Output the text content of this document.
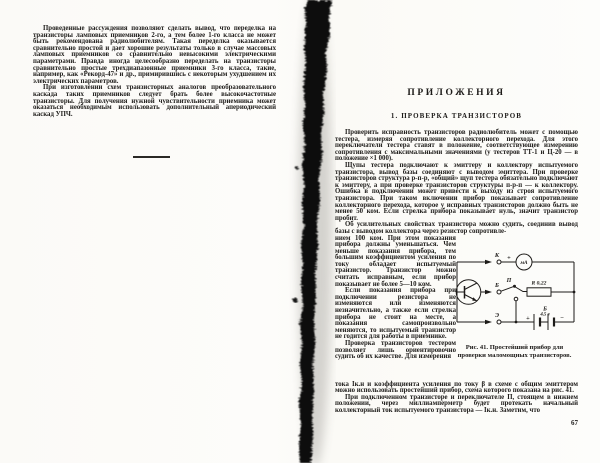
Проведенные рассуждения позволяют сделать вывод, что переделка на транзисторы ламповых приемников 2-го, а тем более 1-го класса не может быть рекомендована радиолюбителям. Такая переделка оказывается сравнительно простой и дает хорошие результаты только в случае массовых ламповых приемников со сравнительно невысокими электрическими параметрами. Правда иногда целесообразно переделать на транзисторы сравнительно простые трехдиапазонные приемники 3-го класса, такие, например, как «Рекорд-47» и др., примирившись с некоторым ухудшением их электрических параметров.

При изготовлении схем транзисторных аналогов преобразовательного каскада таких приемников следует брать более высокочастотные транзисторы. Для получения нужной чувствительности приемника может оказаться необходимым использовать дополнительный апериодический каскад УПЧ.

ПРИЛОЖЕНИЯ
1. ПРОВЕРКА ТРАНЗИСТОРОВ

Проверить исправность транзисторов радиолюбитель может с помощью тестера, измеряя сопротивление коллекторного перехода. Для этого переключатели тестера ставят в положение, соответствующее измерению сопротивления с максимальными значениями (у тестеров ТТ-1 и Ц-20 — в положение ×1 000).

Щупы тестера подключают к эмиттеру и коллектору испытуемого транзистора, вывод базы соединяют с выводом эмиттера. При проверке транзисторов структура р-п-р, «общий» щуп тестера обязательно подключают к эмиттеру, а при проверке транзисторов структуры п-р-п — к коллектору. Ошибка в подключении может привести к выходу из строя испытуемого транзистора. При таком включении прибор показывает сопротивление коллекторного перехода, которое у исправных транзисторов должно быть не менее 50 ком. Если стрелка прибора показывает нуль, значит транзистор пробит.

Об усилительных свойствах транзистора можно судить, соединив вывод базы с выводом коллектора через резистор сопротивле-

нием 100 ком. При этом показания прибора должны уменьшаться. Чем меньше показания прибора, тем большим коэффициентом усиления по току обладает испытуемый транзистор. Транзистор можно считать исправным, если прибор показывает не более 5—10 ком.

Если показания прибора при подключении резистора не изменяются или изменяются незначительно, а также если стрелка прибора не стоит на месте, а показания самопроизвольно меняются, то испытуемый транзистор не годится для работы в приемнике.

Проверка транзисторов тестером позволяет лишь ориентировочно судить об их качестве. Для измерения

тока Iк.н и коэффициента усиления по току β в схеме с общим эмиттером можно использовать простейший прибор, схема которого показана на рис. 41.

При подключенном транзисторе и переключателе П, стоящем в нижнем положении, через миллиамперметр будет протекать начальный коллекторный ток испытуемого транзистора — Iк.н. Заметим, что

К +
мА
Б
П	R 0,22
Э	+
Б
4,5 в −
Рис. 41. Простейший прибор для проверки маломощных транзисторов.
67
